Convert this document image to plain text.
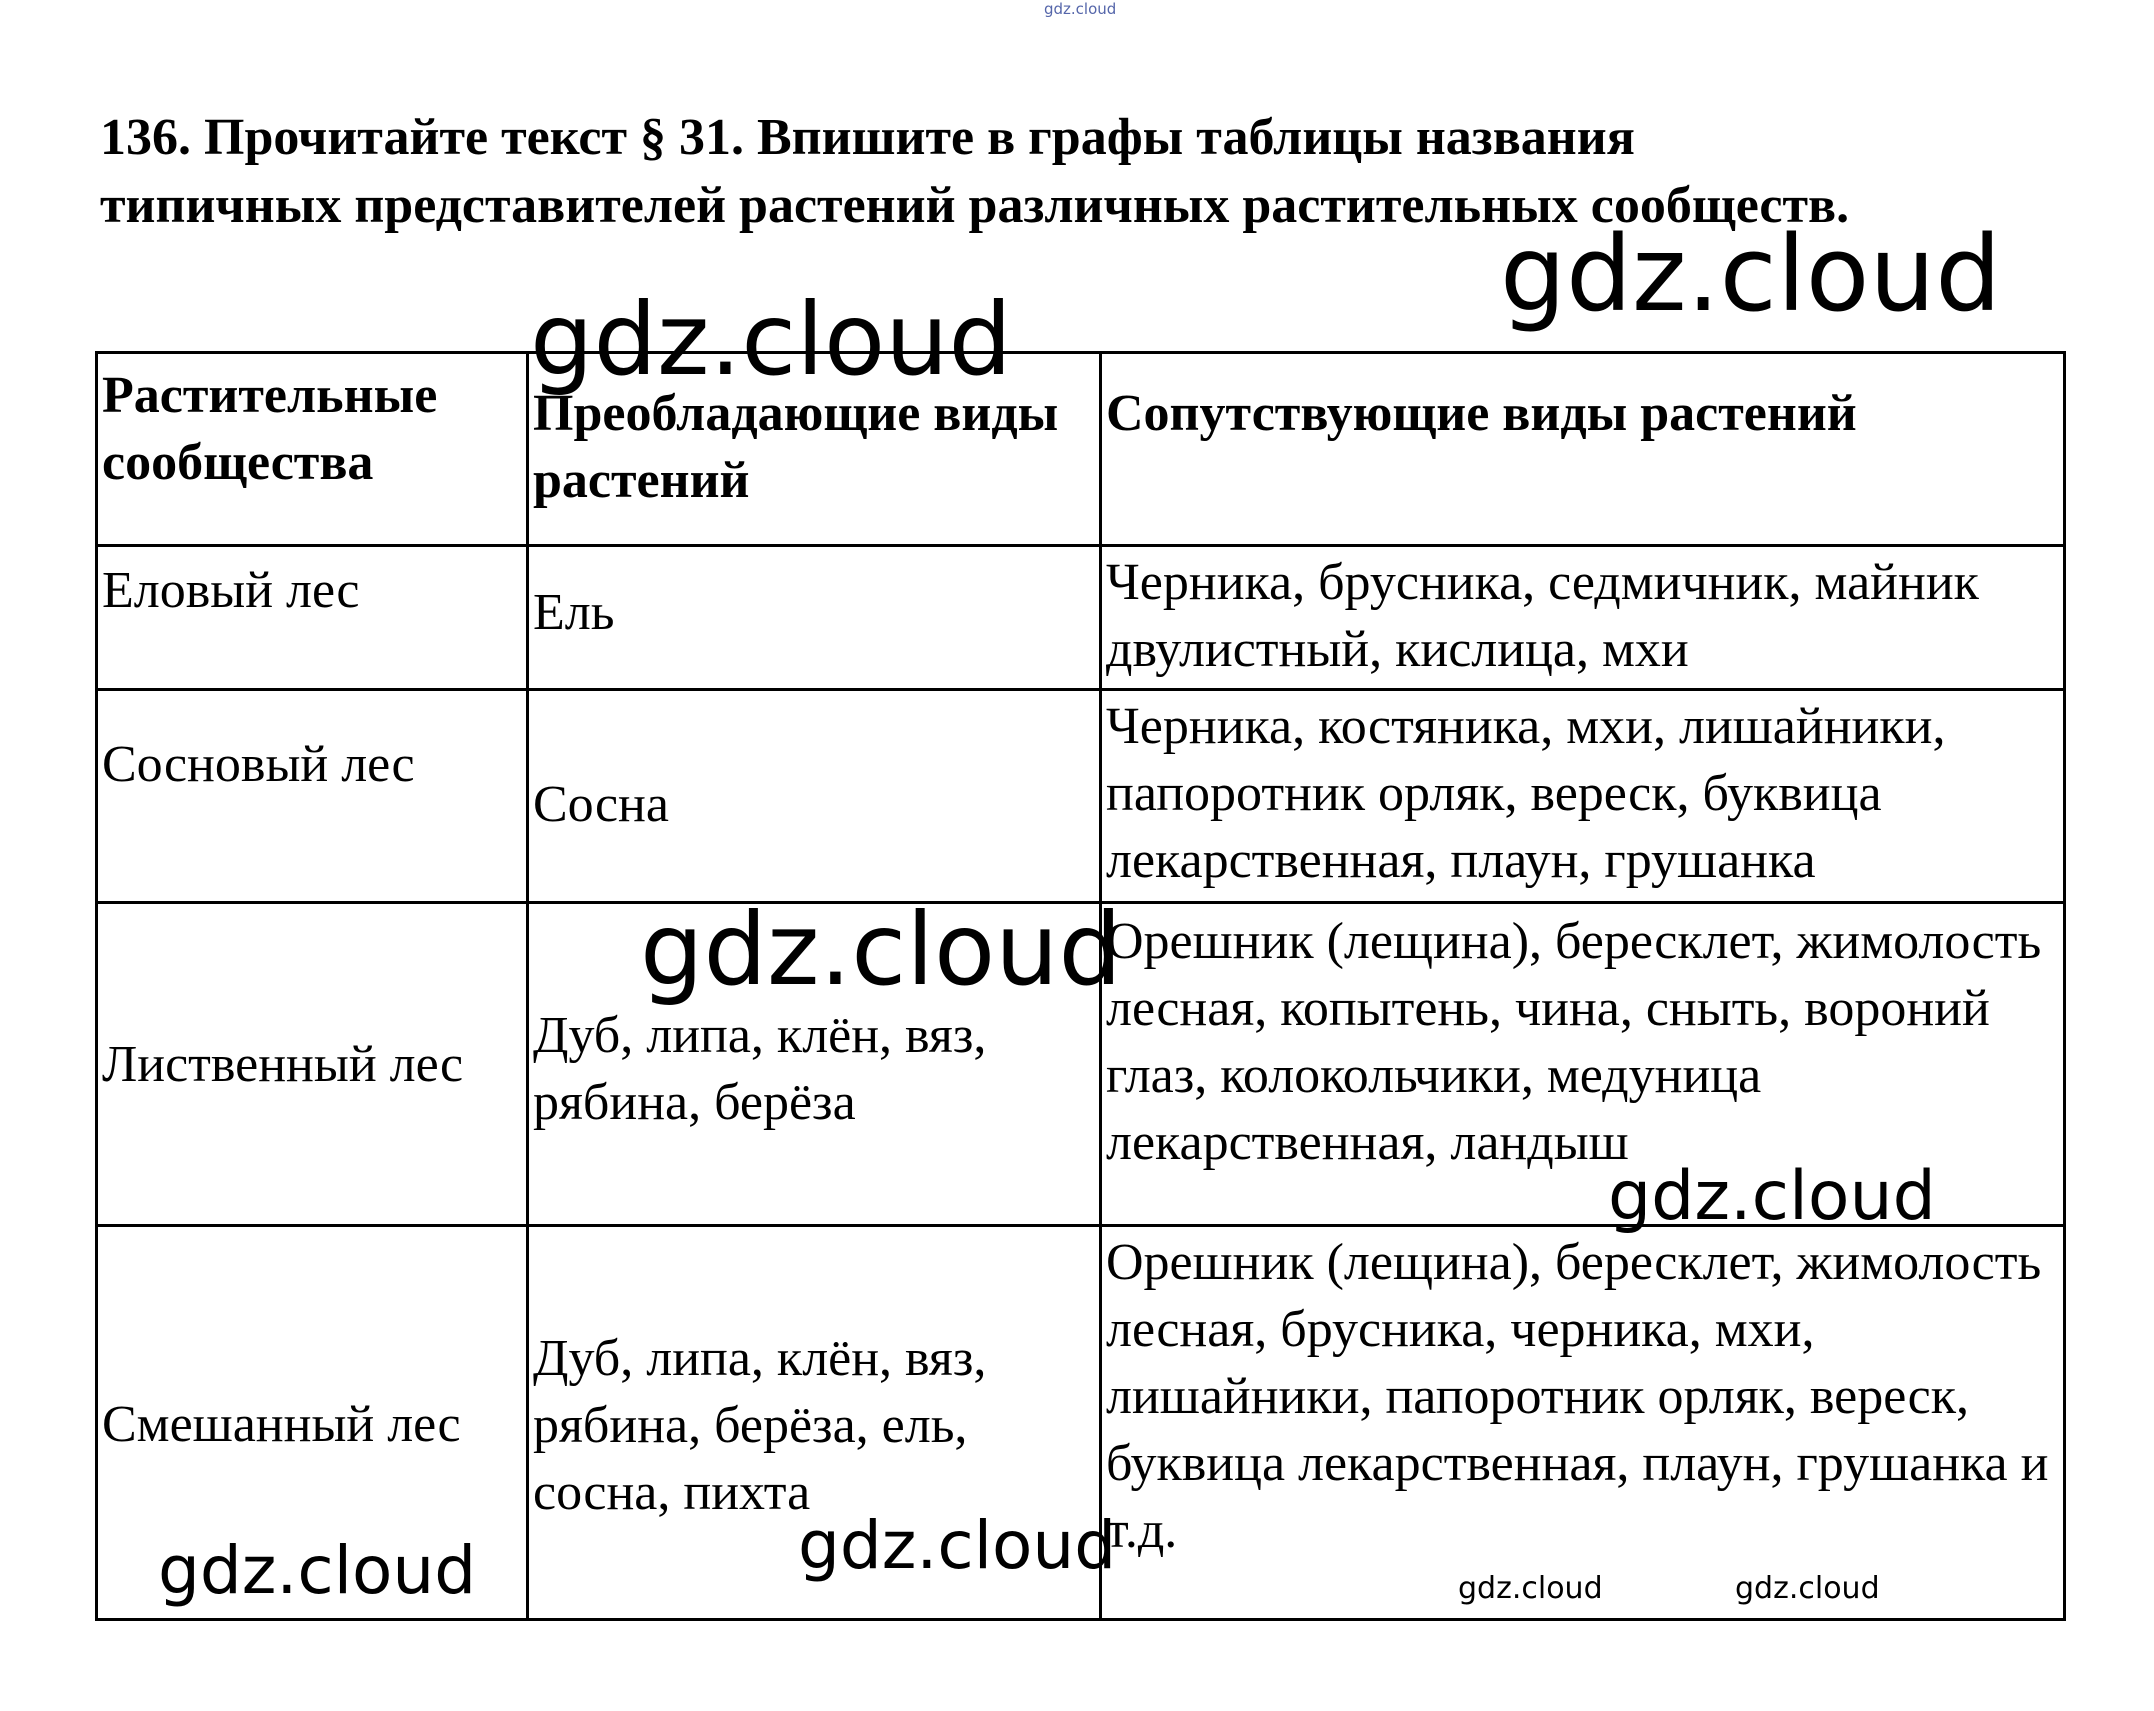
136. Прочитайте текст § 31. Впишите в графы таблицы названия типичных представителей растений различных растительных сообществ.

Растительные сообщества	Преобладающие виды растений	Сопутствующие виды растений
Еловый лес	Ель	Черника, брусника, седмичник, майник двулистный, кислица, мхи
Сосновый лес	Сосна	Черника, костяника, мхи, лишайники, папоротник орляк, вереск, буквица лекарственная, плаун, грушанка
Лиственный лес	Дуб, липа, клён, вяз, рябина, берёза	Орешник (лещина), бересклет, жимолость лесная, копытень, чина, сныть, вороний глаз, колокольчики, медуница лекарственная, ландыш
Смешанный лес	Дуб, липа, клён, вяз, рябина, берёза, ель, сосна, пихта	Орешник (лещина), бересклет, жимолость лесная, брусника, черника, мхи, лишайники, папоротник орляк, вереск, буквица лекарственная, плаун, грушанка и т.д.
gdz.cloud
gdz.cloud
gdz.cloud
gdz.cloud
gdz.cloud
gdz.cloud	gdz.cloud
gdz.cloud	gdz.cloud
